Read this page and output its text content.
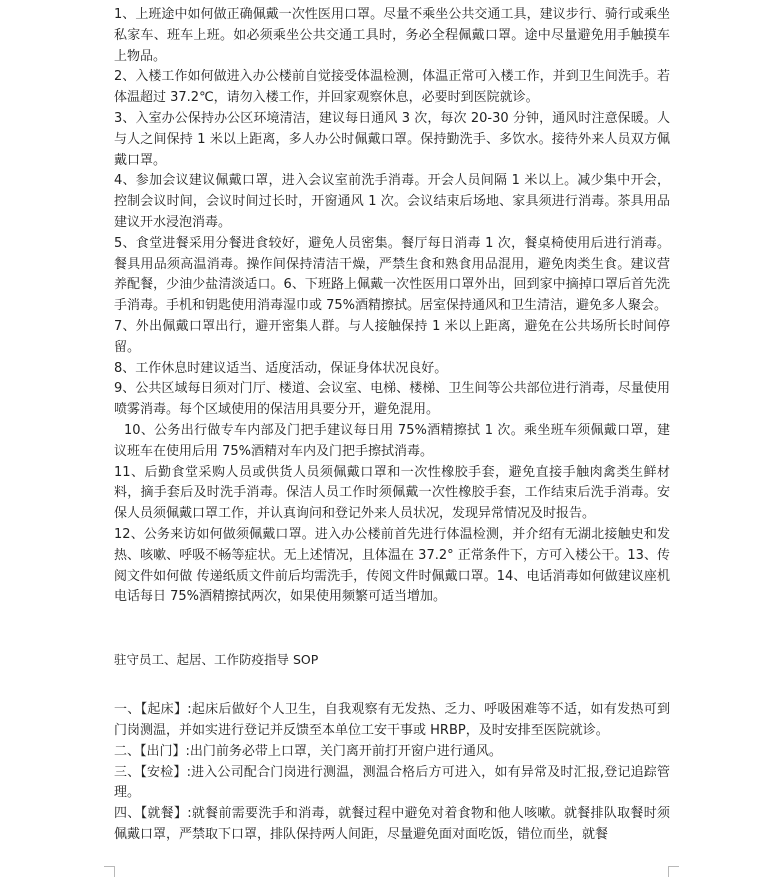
1、上班途中如何做正确佩戴一次性医用口罩。尽量不乘坐公共交通工具，建议步行、骑行或乘坐私家车、班车上班。如必须乘坐公共交通工具时，务必全程佩戴口罩。途中尽量避免用手触摸车上物品。

2、入楼工作如何做进入办公楼前自觉接受体温检测，体温正常可入楼工作，并到卫生间洗手。若体温超过 37.2℃，请勿入楼工作，并回家观察休息，必要时到医院就诊。

3、入室办公保持办公区环境清洁，建议每日通风 3 次，每次 20-30 分钟，通风时注意保暖。人与人之间保持 1 米以上距离，多人办公时佩戴口罩。保持勤洗手、多饮水。接待外来人员双方佩戴口罩。

4、参加会议建议佩戴口罩，进入会议室前洗手消毒。开会人员间隔 1 米以上。减少集中开会，控制会议时间，会议时间过长时，开窗通风 1 次。会议结束后场地、家具须进行消毒。茶具用品建议开水浸泡消毒。

5、食堂进餐采用分餐进食较好，避免人员密集。餐厅每日消毒 1 次，餐桌椅使用后进行消毒。餐具用品须高温消毒。操作间保持清洁干燥，严禁生食和熟食用品混用，避免肉类生食。建议营养配餐，少油少盐清淡适口。6、下班路上佩戴一次性医用口罩外出，回到家中摘掉口罩后首先洗手消毒。手机和钥匙使用消毒湿巾或 75%酒精擦拭。居室保持通风和卫生清洁，避免多人聚会。

7、外出佩戴口罩出行，避开密集人群。与人接触保持 1 米以上距离，避免在公共场所长时间停留。

8、工作休息时建议适当、适度活动，保证身体状况良好。

9、公共区域每日须对门厅、楼道、会议室、电梯、楼梯、卫生间等公共部位进行消毒，尽量使用喷雾消毒。每个区域使用的保洁用具要分开，避免混用。

10、公务出行做专车内部及门把手建议每日用 75%酒精擦拭 1 次。乘坐班车须佩戴口罩，建议班车在使用后用 75%酒精对车内及门把手擦拭消毒。

11、后勤食堂采购人员或供货人员须佩戴口罩和一次性橡胶手套，避免直接手触肉禽类生鲜材料，摘手套后及时洗手消毒。保洁人员工作时须佩戴一次性橡胶手套，工作结束后洗手消毒。安保人员须佩戴口罩工作，并认真询问和登记外来人员状况，发现异常情况及时报告。

12、公务来访如何做须佩戴口罩。进入办公楼前首先进行体温检测，并介绍有无湖北接触史和发热、咳嗽、呼吸不畅等症状。无上述情况，且体温在 37.2° 正常条件下，方可入楼公干。13、传阅文件如何做 传递纸质文件前后均需洗手，传阅文件时佩戴口罩。14、电话消毒如何做建议座机电话每日 75%酒精擦拭两次，如果使用频繁可适当增加。

驻守员工、起居、工作防疫指导 SOP

一、【起床】:起床后做好个人卫生，自我观察有无发热、乏力、呼吸困难等不适，如有发热可到门岗测温，并如实进行登记并反馈至本单位工安干事或 HRBP，及时安排至医院就诊。

二、【出门】:出门前务必带上口罩，关门离开前打开窗户进行通风。

三、【安检】:进入公司配合门岗进行测温，测温合格后方可进入，如有异常及时汇报,登记追踪管理。

四、【就餐】:就餐前需要洗手和消毒，就餐过程中避免对着食物和他人咳嗽。就餐排队取餐时须佩戴口罩，严禁取下口罩，排队保持两人间距，尽量避免面对面吃饭，错位而坐，就餐
